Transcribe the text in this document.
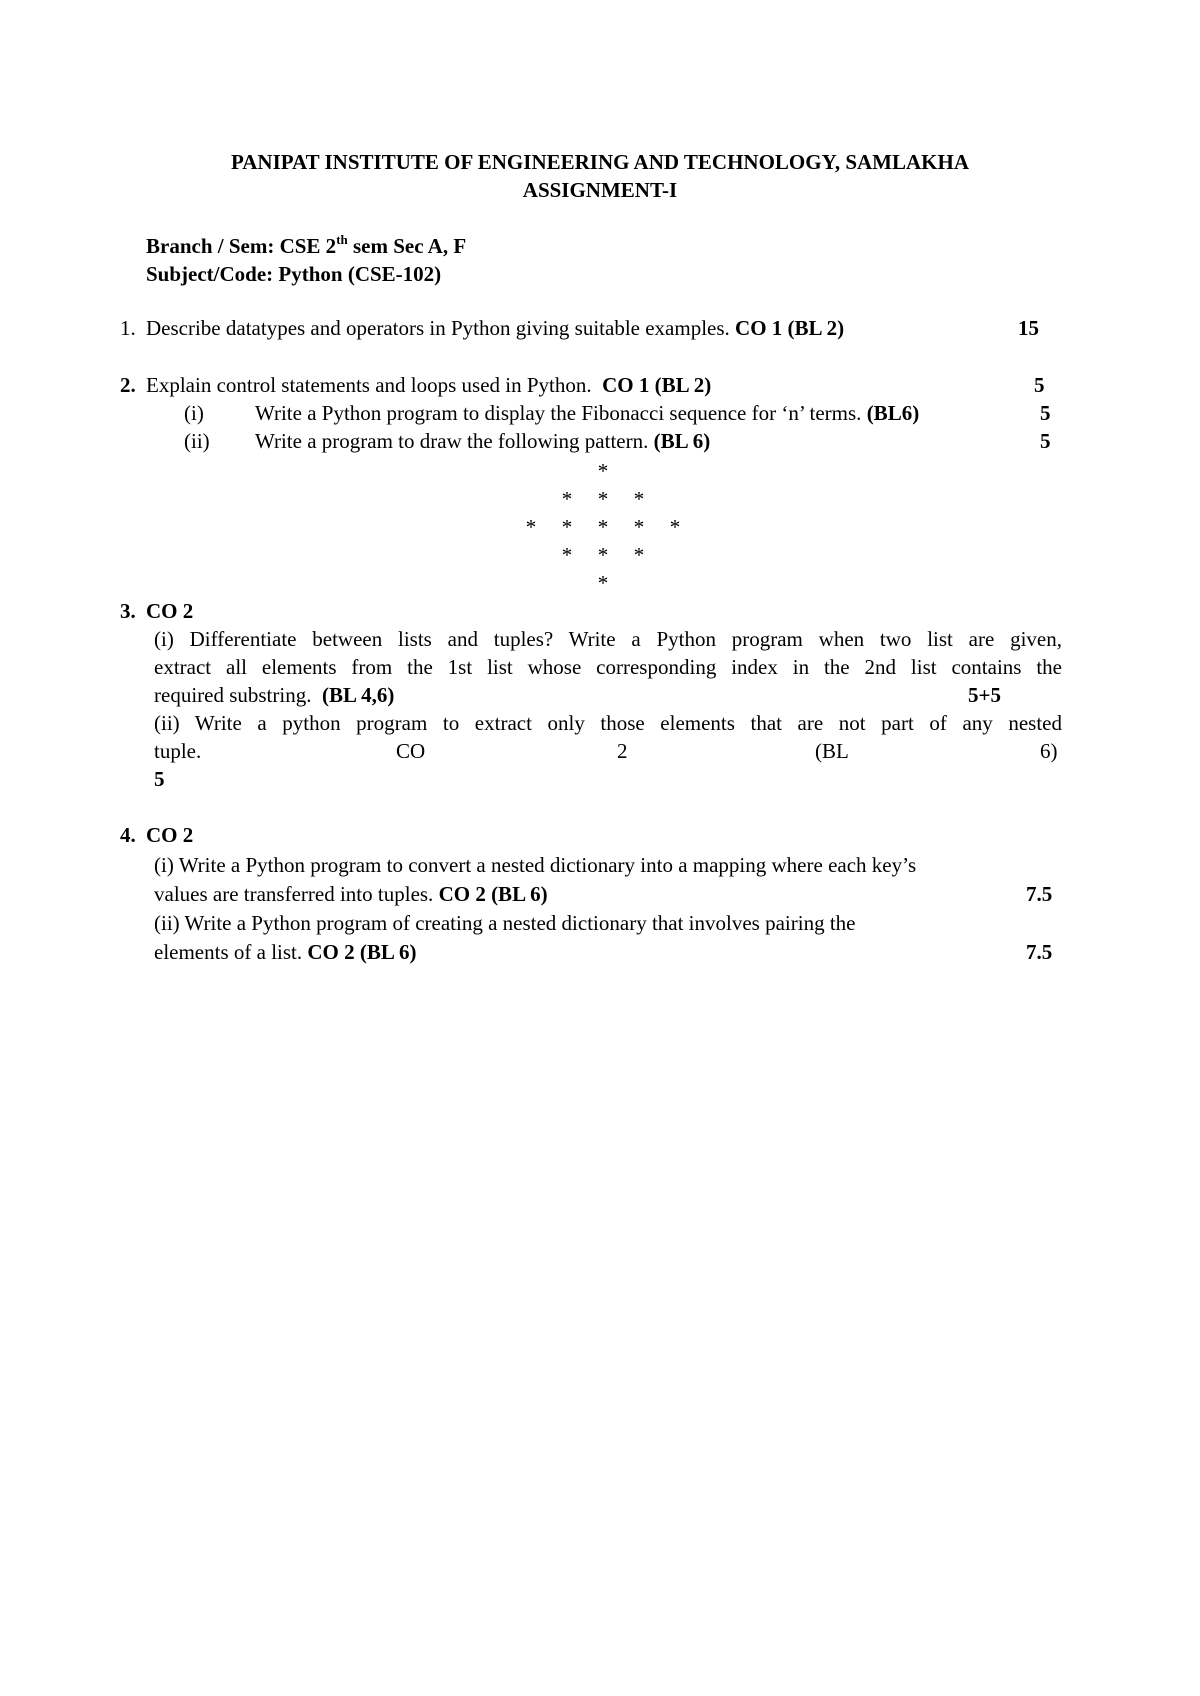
PANIPAT INSTITUTE OF ENGINEERING AND TECHNOLOGY, SAMLAKHA
ASSIGNMENT-I
Branch / Sem: CSE 2th sem Sec A, F
Subject/Code: Python (CSE-102)
1. Describe datatypes and operators in Python giving suitable examples. CO 1 (BL 2)	15
2. Explain control statements and loops used in Python. CO 1 (BL 2)	5
(i) Write a Python program to display the Fibonacci sequence for ‘n’ terms. (BL6)	5
(ii) Write a program to draw the following pattern. (BL 6)	5
*
*	*	*
*	*	*	*	*
*	*	*
*
3. CO 2
(i) Differentiate between lists and tuples? Write a Python program when two list are given,
extract all elements from the 1st list whose corresponding index in the 2nd list contains the
required substring. (BL 4,6)	5+5
(ii) Write a python program to extract only those elements that are not part of any nested
tuple.	CO	2	(BL	6)
5
4. CO 2
(i) Write a Python program to convert a nested dictionary into a mapping where each key’s
values are transferred into tuples. CO 2 (BL 6)	7.5
(ii) Write a Python program of creating a nested dictionary that involves pairing the
elements of a list. CO 2 (BL 6)	7.5
